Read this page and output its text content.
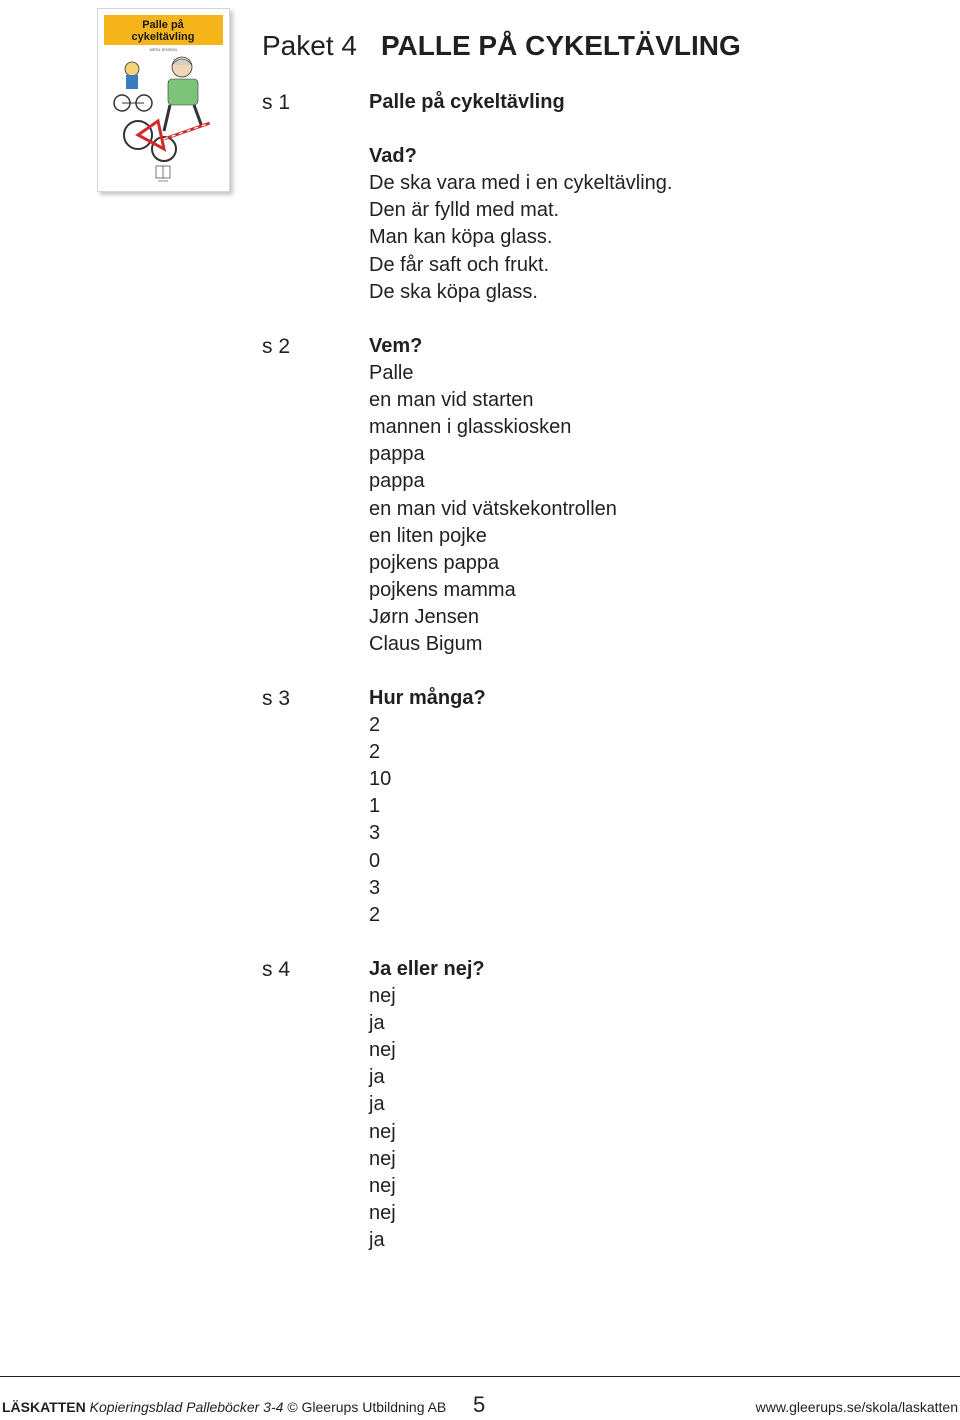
Palle på
cykeltävling
JØRN JENSEN	Paket 4 PALLE PÅ CYKELTÄVLING
s 1	Palle på cykeltävling

Vad?
De ska vara med i en cykeltävling.
Den är fylld med mat.
Man kan köpa glass.
De får saft och frukt.
De ska köpa glass.
s 2	Vem?
Palle
en man vid starten
mannen i glasskiosken
pappa
pappa
en man vid vätskekontrollen
en liten pojke
pojkens pappa
pojkens mamma
Jørn Jensen
Claus Bigum
s 3	Hur många?
2
2
10
1
3
0
3
2
s 4	Ja eller nej?
nej
ja
nej
ja
ja
nej
nej
nej
nej
ja
LÄSKATTEN Kopieringsblad Palleböcker 3-4 © Gleerups Utbildning AB 5	www.gleerups.se/skola/laskatten
